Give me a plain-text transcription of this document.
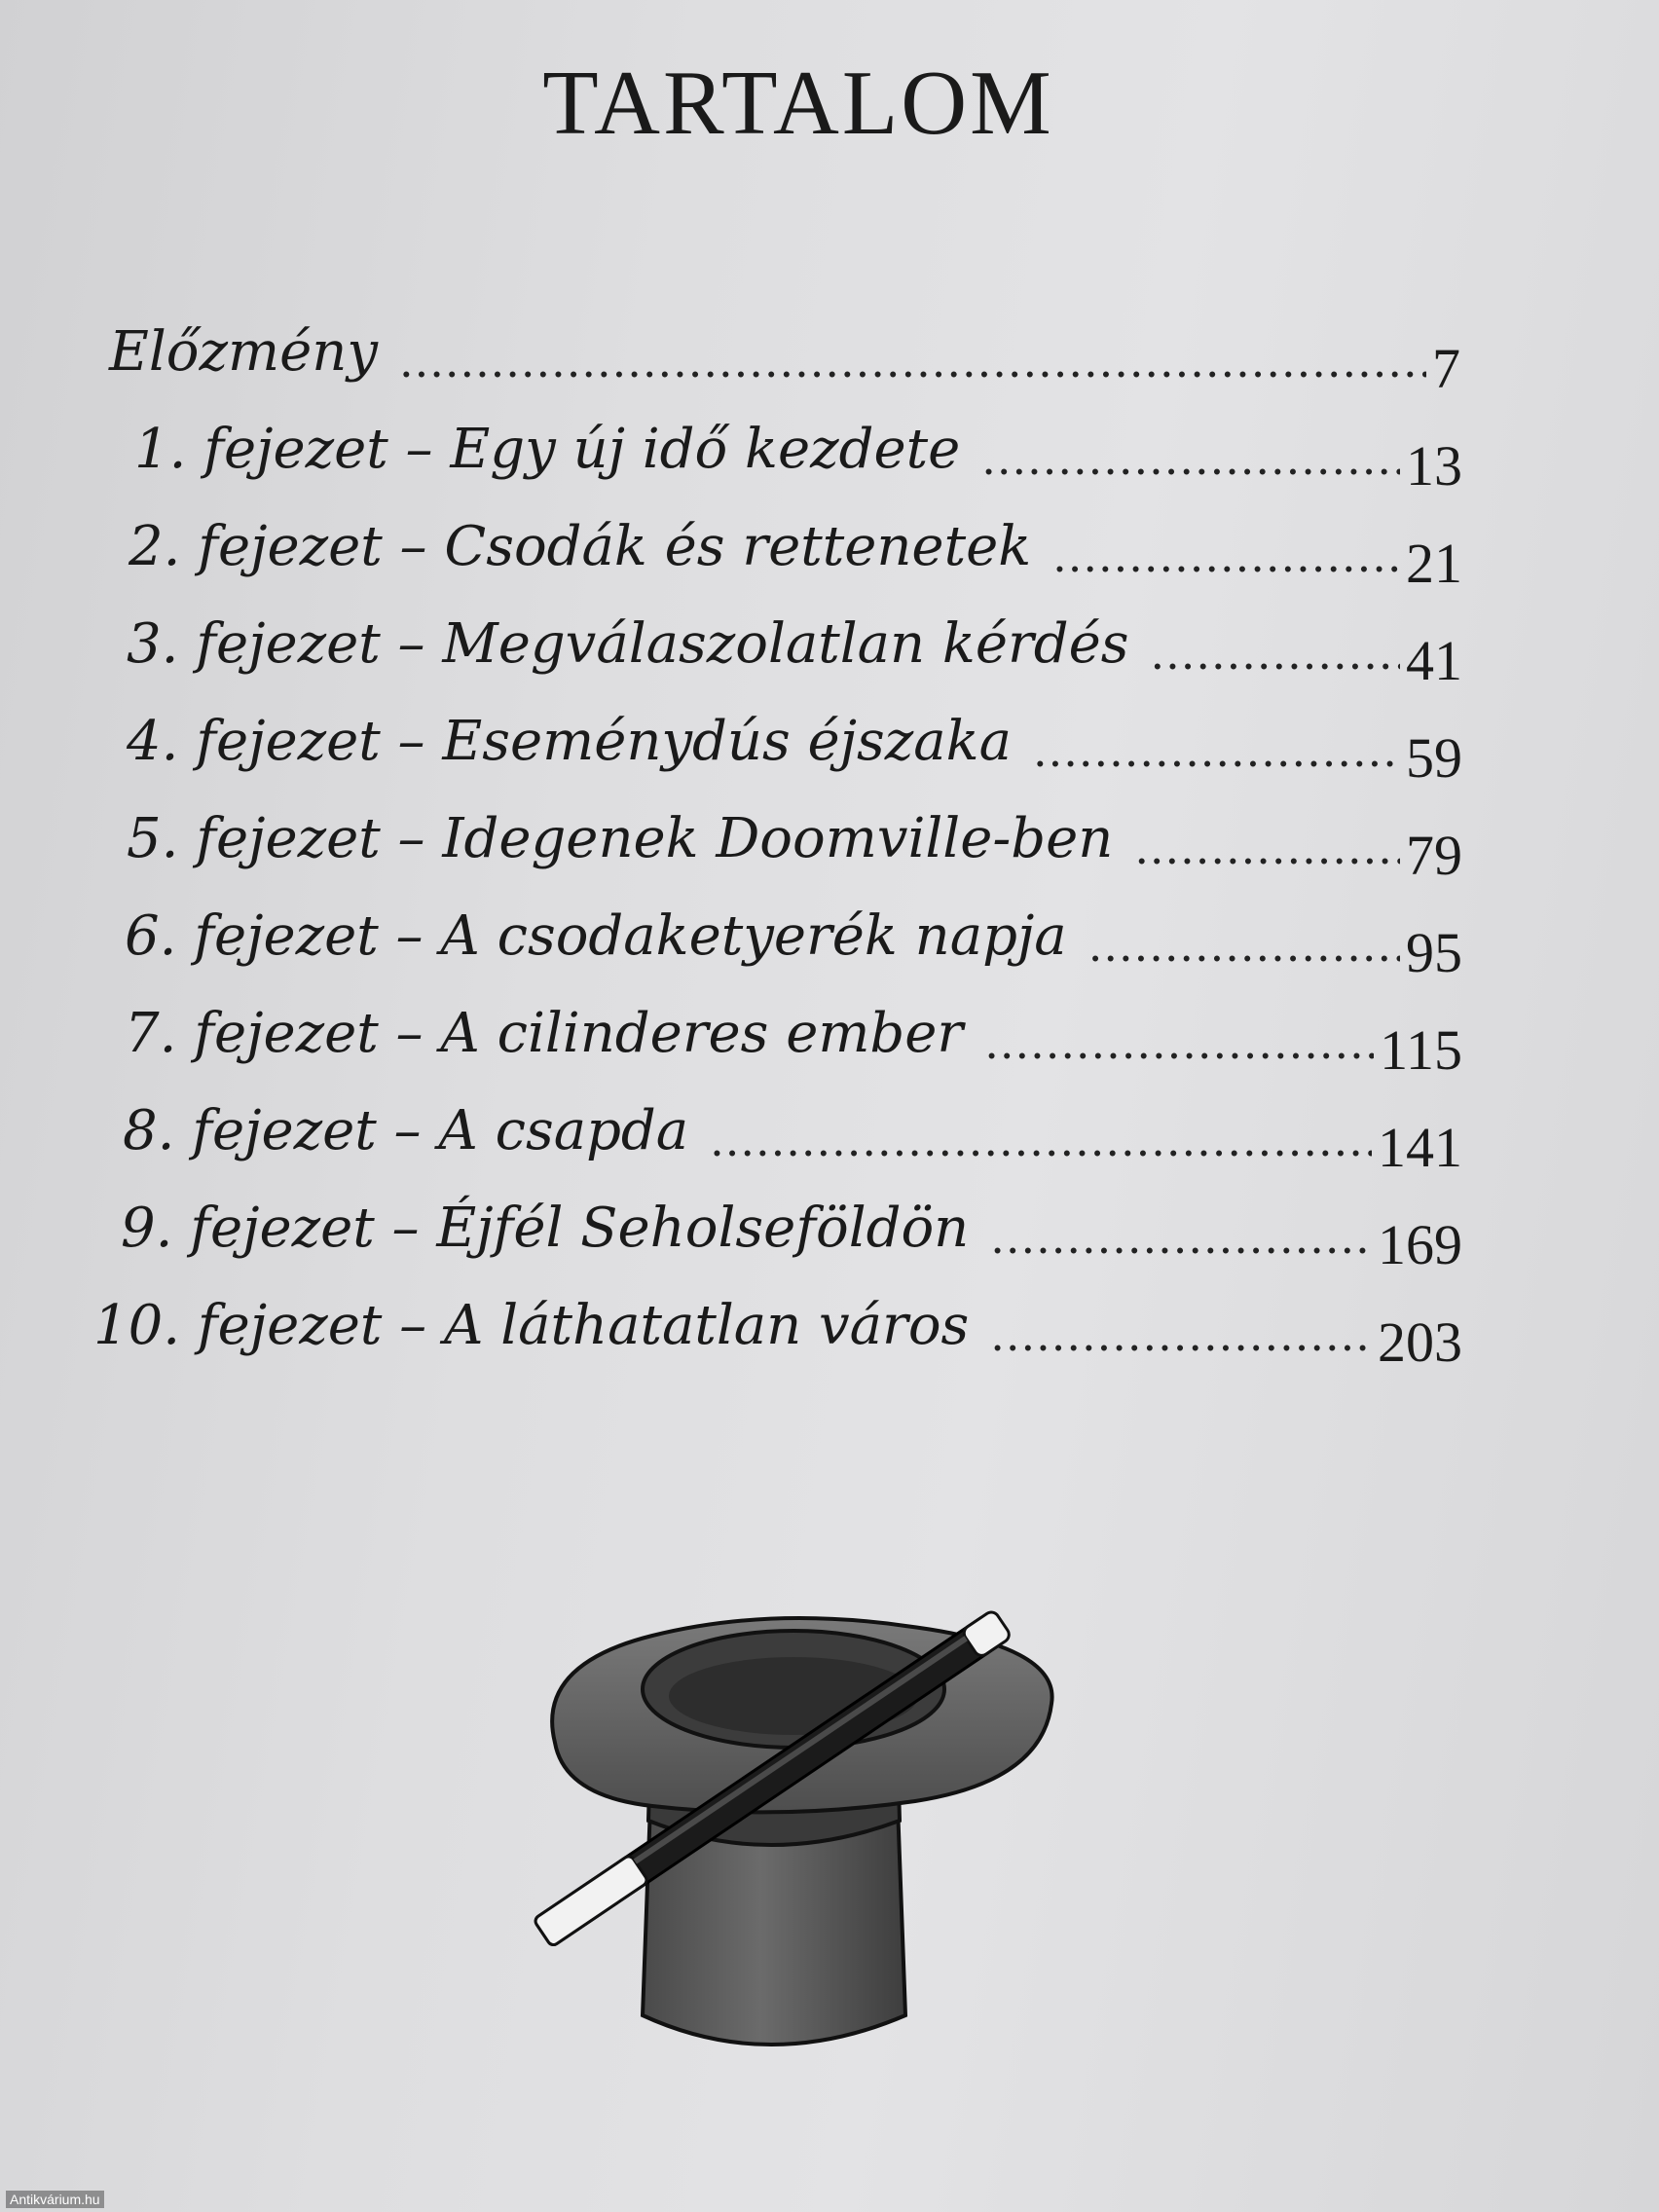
TARTALOM
Előzmény .....	7
1. fejezet – Egy új idő kezdete .....	13
2. fejezet – Csodák és rettenetek .....	21
3. fejezet – Megválaszolatlan kérdés .....	41
4. fejezet – Eseménydús éjszaka .....	59
5. fejezet – Idegenek Doomville-ben .....	79
6. fejezet – A csodaketyerék napja .....	95
7. fejezet – A cilinderes ember .....	115
8. fejezet – A csapda .....	141
9. fejezet – Éjfél Seholseföldön .....	169
10. fejezet – A láthatatlan város .....	203
Antikvárium.hu
